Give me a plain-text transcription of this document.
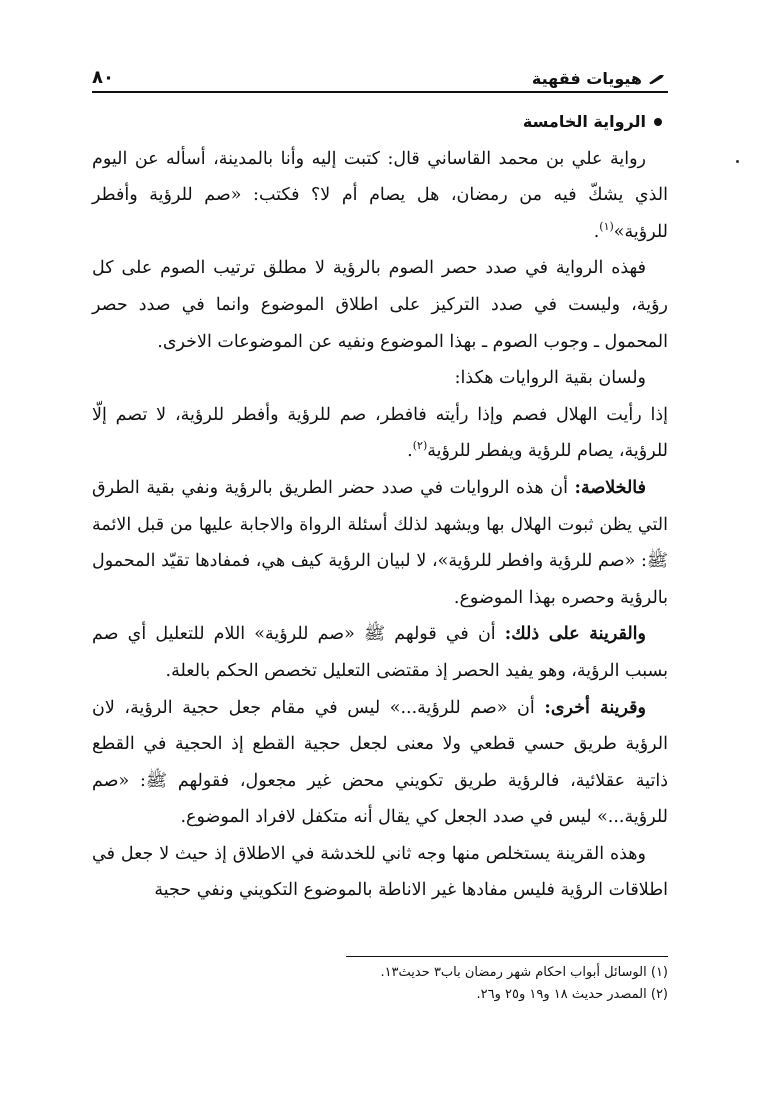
هيويات فقهية
٨٠
الرواية الخامسة

رواية علي بن محمد القاساني قال: كتبت إليه وأنا بالمدينة، أسأله عن اليوم الذي يشكّ فيه من رمضان، هل يصام أم لا؟ فكتب: «صم للرؤية وأفطر للرؤية»$^{(١)}$.

فهذه الرواية في صدد حصر الصوم بالرؤية لا مطلق ترتيب الصوم على كل رؤية، وليست في صدد التركيز على اطلاق الموضوع وانما في صدد حصر المحمول ـ وجوب الصوم ـ بهذا الموضوع ونفيه عن الموضوعات الاخرى.

ولسان بقية الروايات هكذا:

إذا رأيت الهلال فصم وإذا رأيته فافطر، صم للرؤية وأفطر للرؤية، لا تصم إلّا للرؤية، يصام للرؤية ويفطر للرؤية$^{(٢)}$.

فالخلاصة: أن هذه الروايات في صدد حضر الطريق بالرؤية ونفي بقية الطرق التي يظن ثبوت الهلال بها ويشهد لذلك أسئلة الرواة والاجابة عليها من قبل الائمة ﷺ: «صم للرؤية وافطر للرؤية»، لا لبيان الرؤية كيف هي، فمفادها تقيّد المحمول بالرؤية وحصره بهذا الموضوع.

والقرينة على ذلك: أن في قولهم ﷺ «صم للرؤية» اللام للتعليل أي صم بسبب الرؤية، وهو يفيد الحصر إذ مقتضى التعليل تخصص الحكم بالعلة.

وقرينة أخرى: أن «صم للرؤية...» ليس في مقام جعل حجية الرؤية، لان الرؤية طريق حسي قطعي ولا معنى لجعل حجية القطع إذ الحجية في القطع ذاتية عقلائية، فالرؤية طريق تكويني محض غير مجعول، فقولهم ﷺ: «صم للرؤية...» ليس في صدد الجعل كي يقال أنه متكفل لافراد الموضوع.

وهذه القرينة يستخلص منها وجه ثاني للخدشة في الاطلاق إذ حيث لا جعل في اطلاقات الرؤية فليس مفادها غير الاناطة بالموضوع التكويني ونفي حجية

(١) الوسائل أبواب احكام شهر رمضان باب٣ حديث١٣.

(٢) المصدر حديث ١٨ و١٩ و٢٥ و٢٦.
